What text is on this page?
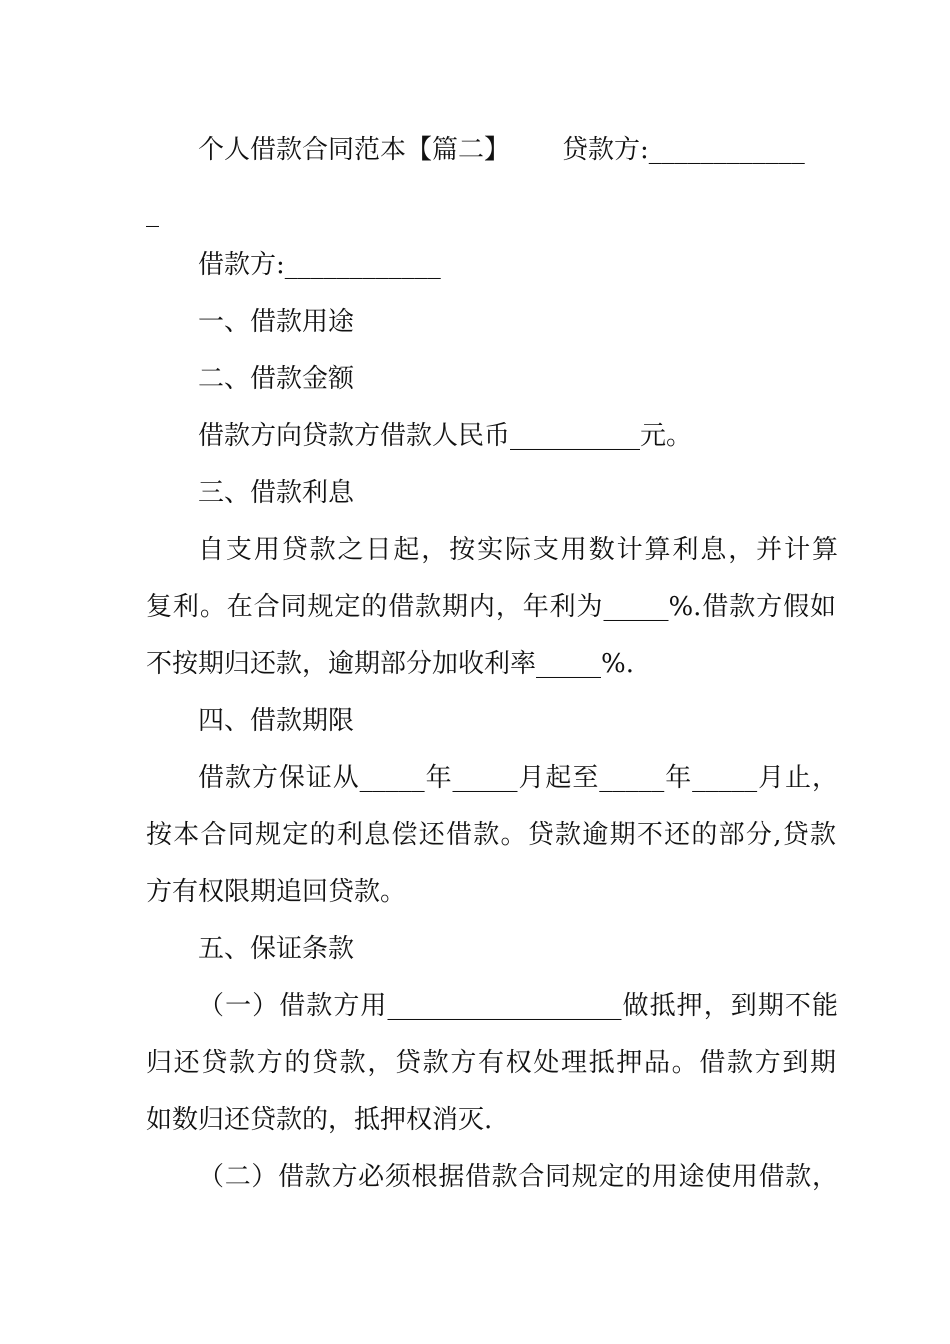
个人借款合同范本【篇二】 贷款方:____________
_
借款方:____________
一、借款用途
二、借款金额
借款方向贷款方借款人民币__________元。
三、借款利息
自支用贷款之日起，按实际支用数计算利息，并计算
复利。在合同规定的借款期内，年利为_____%.借款方假如
不按期归还款，逾期部分加收利率_____%.
四、借款期限
借款方保证从_____年_____月起至_____年_____月止，
按本合同规定的利息偿还借款。贷款逾期不还的部分,贷款
方有权限期追回贷款。
五、保证条款
（一）借款方用__________________做抵押，到期不能
归还贷款方的贷款，贷款方有权处理抵押品。借款方到期
如数归还贷款的，抵押权消灭.
（二）借款方必须根据借款合同规定的用途使用借款，
